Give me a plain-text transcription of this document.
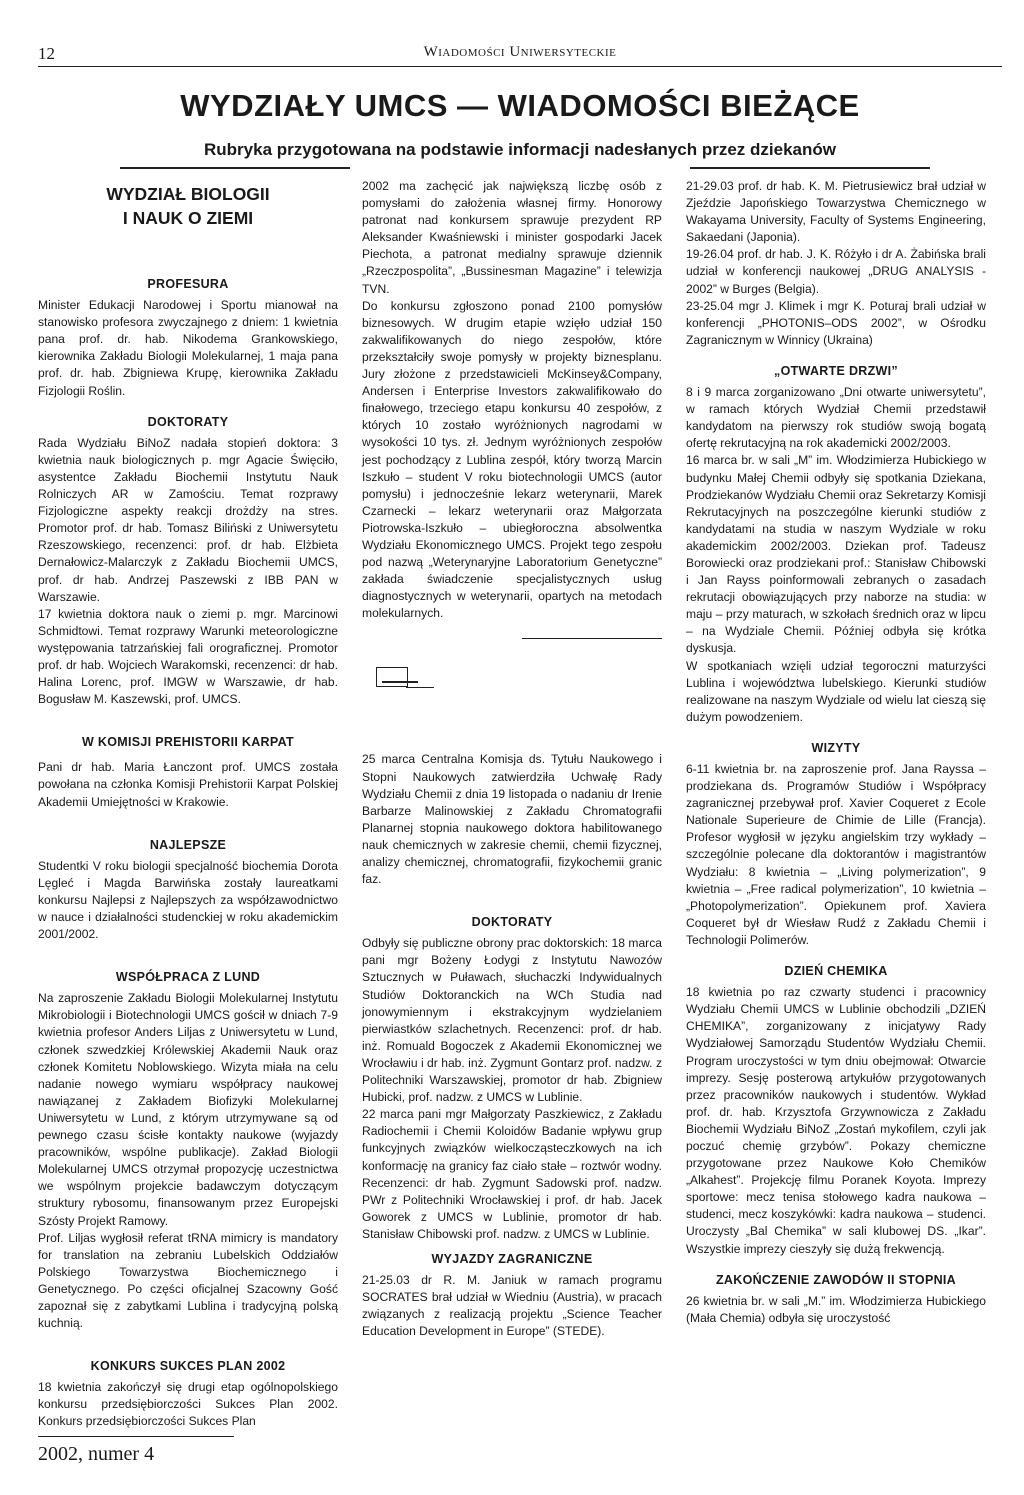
12	Wiadomości Uniwersyteckie
WYDZIAŁY UMCS — WIADOMOŚCI BIEŻĄCE
Rubryka przygotowana na podstawie informacji nadesłanych przez dziekanów
WYDZIAŁ BIOLOGII
I NAUK O ZIEMI
PROFESURA

Minister Edukacji Narodowej i Sportu mianował na stanowisko profesora zwyczajnego z dniem: 1 kwietnia pana prof. dr. hab. Nikodema Grankowskiego, kierownika Zakładu Biologii Molekularnej, 1 maja pana prof. dr. hab. Zbigniewa Krupę, kierownika Zakładu Fizjologii Roślin.

DOKTORATY

Rada Wydziału BiNoZ nadała stopień doktora: 3 kwietnia nauk biologicznych p. mgr Agacie Święciło, asystentce Zakładu Biochemii Instytutu Nauk Rolniczych AR w Zamościu. Temat rozprawy Fizjologiczne aspekty reakcji drożdży na stres. Promotor prof. dr hab. Tomasz Biliński z Uniwersytetu Rzeszowskiego, recenzenci: prof. dr hab. Elżbieta Dernałowicz-Malarczyk z Zakładu Biochemii UMCS, prof. dr hab. Andrzej Paszewski z IBB PAN w Warszawie.

17 kwietnia doktora nauk o ziemi p. mgr. Marcinowi Schmidtowi. Temat rozprawy Warunki meteorologiczne występowania tatrzańskiej fali orograficznej. Promotor prof. dr hab. Wojciech Warakomski, recenzenci: dr hab. Halina Lorenc, prof. IMGW w Warszawie, dr hab. Bogusław M. Kaszewski, prof. UMCS.

W KOMISJI PREHISTORII KARPAT

Pani dr hab. Maria Łanczont prof. UMCS została powołana na członka Komisji Prehistorii Karpat Polskiej Akademii Umiejętności w Krakowie.

NAJLEPSZE

Studentki V roku biologii specjalność biochemia Dorota Lęgleć i Magda Barwińska zostały laureatkami konkursu Najlepsi z Najlepszych za współzawodnictwo w nauce i działalności studenckiej w roku akademickim 2001/2002.

WSPÓŁPRACA Z LUND

Na zaproszenie Zakładu Biologii Molekularnej Instytutu Mikrobiologii i Biotechnologii UMCS gościł w dniach 7-9 kwietnia profesor Anders Liljas z Uniwersytetu w Lund, członek szwedzkiej Królewskiej Akademii Nauk oraz członek Komitetu Noblowskiego. Wizyta miała na celu nadanie nowego wymiaru współpracy naukowej nawiązanej z Zakładem Biofizyki Molekularnej Uniwersytetu w Lund, z którym utrzymywane są od pewnego czasu ścisłe kontakty naukowe (wyjazdy pracowników, wspólne publikacje). Zakład Biologii Molekularnej UMCS otrzymał propozycję uczestnictwa we wspólnym projekcie badawczym dotyczącym struktury rybosomu, finansowanym przez Europejski Szósty Projekt Ramowy.

Prof. Liljas wygłosił referat tRNA mimicry is mandatory for translation na zebraniu Lubelskich Oddziałów Polskiego Towarzystwa Biochemicznego i Genetycznego. Po części oficjalnej Szacowny Gość zapoznał się z zabytkami Lublina i tradycyjną polską kuchnią.

KONKURS SUKCES PLAN 2002

18 kwietnia zakończył się drugi etap ogólnopolskiego konkursu przedsiębiorczości Sukces Plan 2002. Konkurs przedsiębiorczości Sukces Plan

2002 ma zachęcić jak największą liczbę osób z pomysłami do założenia własnej firmy. Honorowy patronat nad konkursem sprawuje prezydent RP Aleksander Kwaśniewski i minister gospodarki Jacek Piechota, a patronat medialny sprawuje dziennik „Rzeczpospolita”, „Bussinesman Magazine” i telewizja TVN.

Do konkursu zgłoszono ponad 2100 pomysłów biznesowych. W drugim etapie wzięło udział 150 zakwalifikowanych do niego zespołów, które przekształciły swoje pomysły w projekty biznesplanu. Jury złożone z przedstawicieli McKinsey&Company, Andersen i Enterprise Investors zakwalifikowało do finałowego, trzeciego etapu konkursu 40 zespołów, z których 10 zostało wyróżnionych nagrodami w wysokości 10 tys. zł. Jednym wyróżnionych zespołów jest pochodzący z Lublina zespół, który tworzą Marcin Iszkuło – student V roku biotechnologii UMCS (autor pomysłu) i jednocześnie lekarz weterynarii, Marek Czarnecki – lekarz weterynarii oraz Małgorzata Piotrowska-Iszkuło – ubiegłoroczna absolwentka Wydziału Ekonomicznego UMCS. Projekt tego zespołu pod nazwą „Weterynaryjne Laboratorium Genetyczne” zakłada świadczenie specjalistycznych usług diagnostycznych w weterynarii, opartych na metodach molekularnych.

25 marca Centralna Komisja ds. Tytułu Naukowego i Stopni Naukowych zatwierdziła Uchwałę Rady Wydziału Chemii z dnia 19 listopada o nadaniu dr Irenie Barbarze Malinowskiej z Zakładu Chromatografii Planarnej stopnia naukowego doktora habilitowanego nauk chemicznych w zakresie chemii, chemii fizycznej, analizy chemicznej, chromatografii, fizykochemii granic faz.

DOKTORATY

Odbyły się publiczne obrony prac doktorskich: 18 marca pani mgr Bożeny Łodygi z Instytutu Nawozów Sztucznych w Puławach, słuchaczki Indywidualnych Studiów Doktoranckich na WCh Studia nad jonowymiennym i ekstrakcyjnym wydzielaniem pierwiastków szlachetnych. Recenzenci: prof. dr hab. inż. Romuald Bogoczek z Akademii Ekonomicznej we Wrocławiu i dr hab. inż. Zygmunt Gontarz prof. nadzw. z Politechniki Warszawskiej, promotor dr hab. Zbigniew Hubicki, prof. nadzw. z UMCS w Lublinie.

22 marca pani mgr Małgorzaty Paszkiewicz, z Zakładu Radiochemii i Chemii Koloidów Badanie wpływu grup funkcyjnych związków wielkocząsteczkowych na ich konformację na granicy faz ciało stałe – roztwór wodny. Recenzenci: dr hab. Zygmunt Sadowski prof. nadzw. PWr z Politechniki Wrocławskiej i prof. dr hab. Jacek Goworek z UMCS w Lublinie, promotor dr hab. Stanisław Chibowski prof. nadzw. z UMCS w Lublinie.

WYJAZDY ZAGRANICZNE

21-25.03 dr R. M. Janiuk w ramach programu SOCRATES brał udział w Wiedniu (Austria), w pracach związanych z realizacją projektu „Science Teacher Education Development in Europe” (STEDE).

21-29.03 prof. dr hab. K. M. Pietrusiewicz brał udział w Zjeździe Japońskiego Towarzystwa Chemicznego w Wakayama University, Faculty of Systems Engineering, Sakaedani (Japonia).

19-26.04 prof. dr hab. J. K. Różyło i dr A. Żabińska brali udział w konferencji naukowej „DRUG ANALYSIS - 2002” w Burges (Belgia).

23-25.04 mgr J. Klimek i mgr K. Poturaj brali udział w konferencji „PHOTONIS–ODS 2002”, w Ośrodku Zagranicznym w Winnicy (Ukraina)

„OTWARTE DRZWI”

8 i 9 marca zorganizowano „Dni otwarte uniwersytetu”, w ramach których Wydział Chemii przedstawił kandydatom na pierwszy rok studiów swoją bogatą ofertę rekrutacyjną na rok akademicki 2002/2003.

16 marca br. w sali „M” im. Włodzimierza Hubickiego w budynku Małej Chemii odbyły się spotkania Dziekana, Prodziekanów Wydziału Chemii oraz Sekretarzy Komisji Rekrutacyjnych na poszczególne kierunki studiów z kandydatami na studia w naszym Wydziale w roku akademickim 2002/2003. Dziekan prof. Tadeusz Borowiecki oraz prodziekani prof.: Stanisław Chibowski i Jan Rayss poinformowali zebranych o zasadach rekrutacji obowiązujących przy naborze na studia: w maju – przy maturach, w szkołach średnich oraz w lipcu – na Wydziale Chemii. Później odbyła się krótka dyskusja.

W spotkaniach wzięli udział tegoroczni maturzyści Lublina i województwa lubelskiego. Kierunki studiów realizowane na naszym Wydziale od wielu lat cieszą się dużym powodzeniem.

WIZYTY

6-11 kwietnia br. na zaproszenie prof. Jana Rayssa – prodziekana ds. Programów Studiów i Współpracy zagranicznej przebywał prof. Xavier Coqueret z Ecole Nationale Superieure de Chimie de Lille (Francja). Profesor wygłosił w języku angielskim trzy wykłady – szczególnie polecane dla doktorantów i magistrantów Wydziału: 8 kwietnia – „Living polymerization”, 9 kwietnia – „Free radical polymerization”, 10 kwietnia – „Photopolymerization”. Opiekunem prof. Xaviera Coqueret był dr Wiesław Rudź z Zakładu Chemii i Technologii Polimerów.

DZIEŃ CHEMIKA

18 kwietnia po raz czwarty studenci i pracownicy Wydziału Chemii UMCS w Lublinie obchodzili „DZIEŃ CHEMIKA”, zorganizowany z inicjatywy Rady Wydziałowej Samorządu Studentów Wydziału Chemii. Program uroczystości w tym dniu obejmował: Otwarcie imprezy. Sesję posterową artykułów przygotowanych przez pracowników naukowych i studentów. Wykład prof. dr. hab. Krzysztofa Grzywnowicza z Zakładu Biochemii Wydziału BiNoZ „Zostań mykofilem, czyli jak poczuć chemię grzybów”. Pokazy chemiczne przygotowane przez Naukowe Koło Chemików „Alkahest”. Projekcję filmu Poranek Koyota. Imprezy sportowe: mecz tenisa stołowego kadra naukowa – studenci, mecz koszykówki: kadra naukowa – studenci. Uroczysty „Bal Chemika” w sali klubowej DS. „Ikar”. Wszystkie imprezy cieszyły się dużą frekwencją.

ZAKOŃCZENIE ZAWODÓW II STOPNIA

26 kwietnia br. w sali „M.” im. Włodzimierza Hubickiego (Mała Chemia) odbyła się uroczystość

2002, numer 4
